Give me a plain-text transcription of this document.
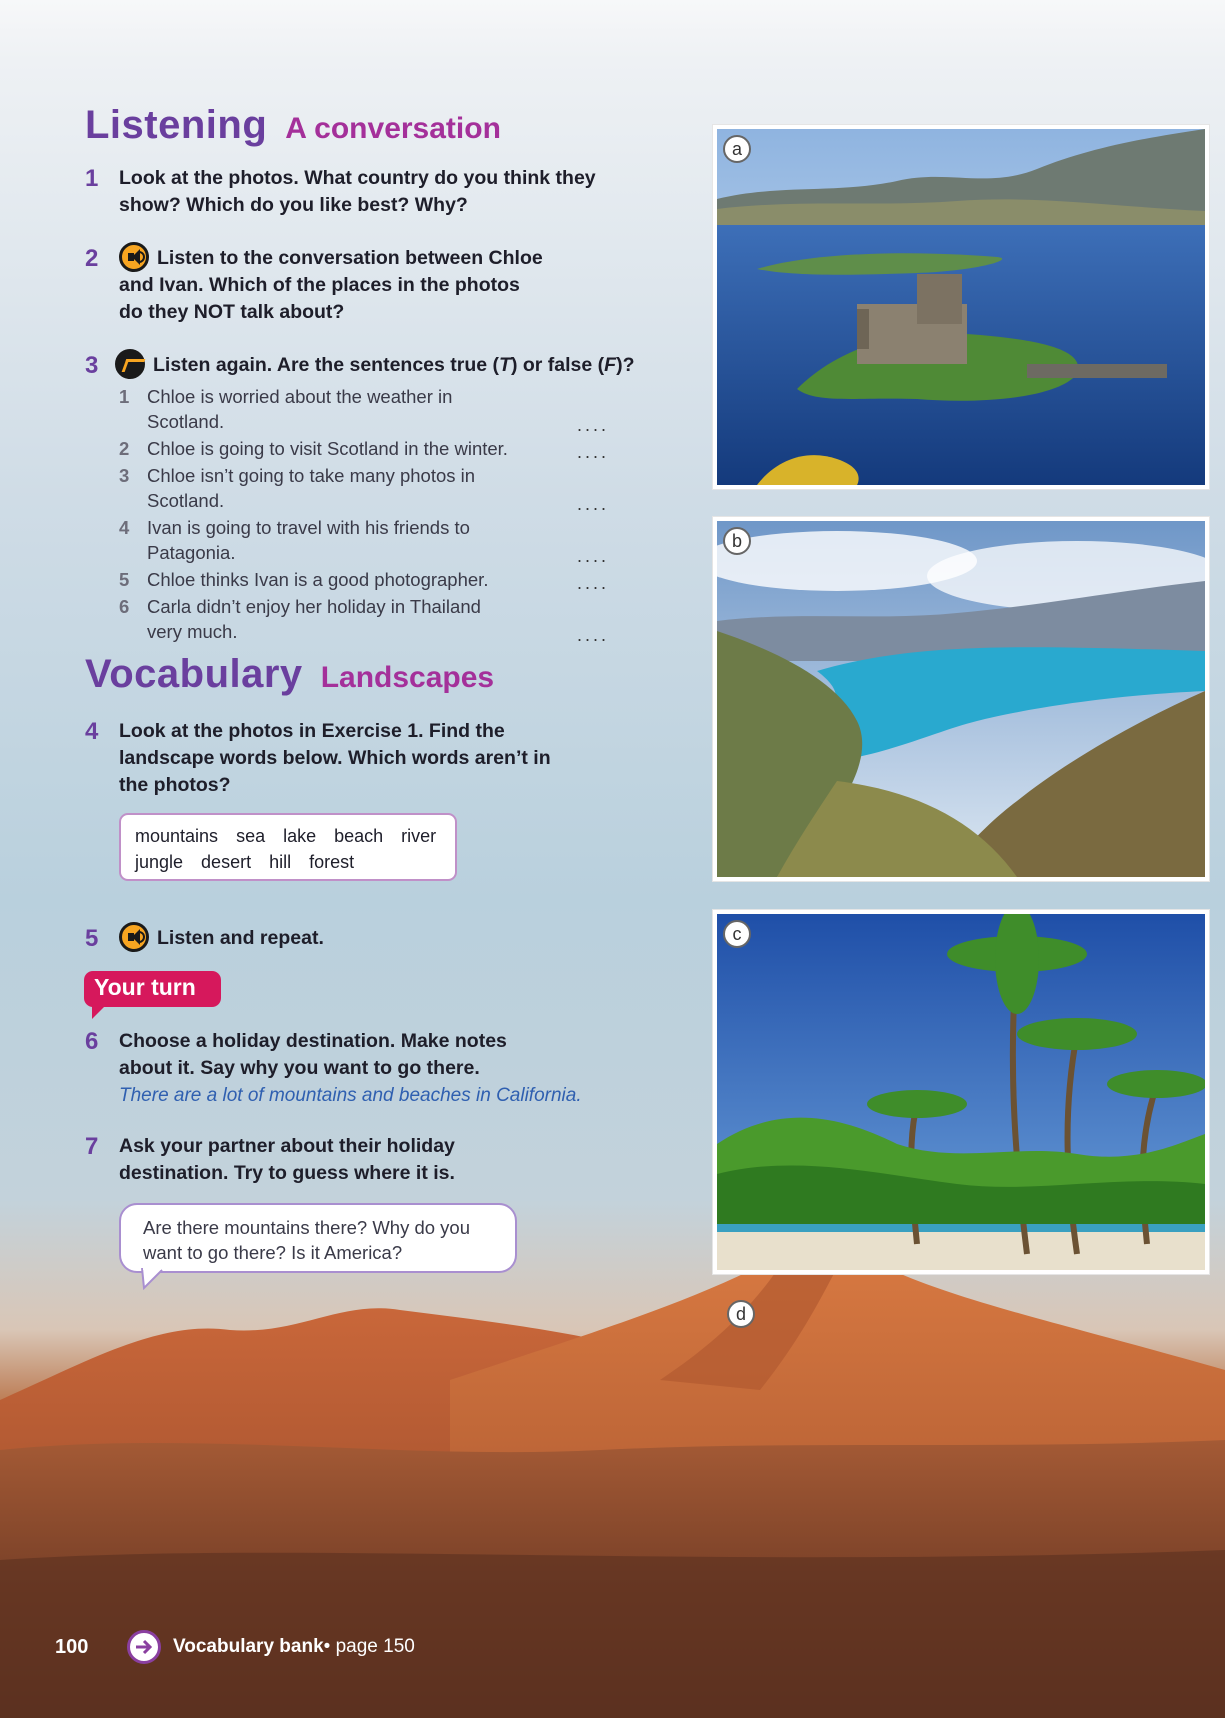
Listening A conversation
1 Look at the photos. What country do you think they show? Which do you like best? Why?
2	Listen to the conversation between Chloe and Ivan. Which of the places in the photos do they NOT talk about?
3	Listen again. Are the sentences true (T) or false (F)?
1 Chloe is worried about the weather in Scotland.	....
2 Chloe is going to visit Scotland in the winter.	....
3 Chloe isn’t going to take many photos in Scotland.	....
4 Ivan is going to travel with his friends to Patagonia.	....
5 Chloe thinks Ivan is a good photographer.	....
6 Carla didn’t enjoy her holiday in Thailand very much.	....
Vocabulary Landscapes
4 Look at the photos in Exercise 1. Find the landscape words below. Which words aren’t in the photos?
mountains sea lake beach river
jungle desert hill forest
5	Listen and repeat.
Your turn
6 Choose a holiday destination. Make notes about it. Say why you want to go there.
There are a lot of mountains and beaches in California.
7 Ask your partner about their holiday destination. Try to guess where it is.
Are there mountains there? Why do you want to go there? Is it America?
a
b
c
d
100	Vocabulary bank • page 150
